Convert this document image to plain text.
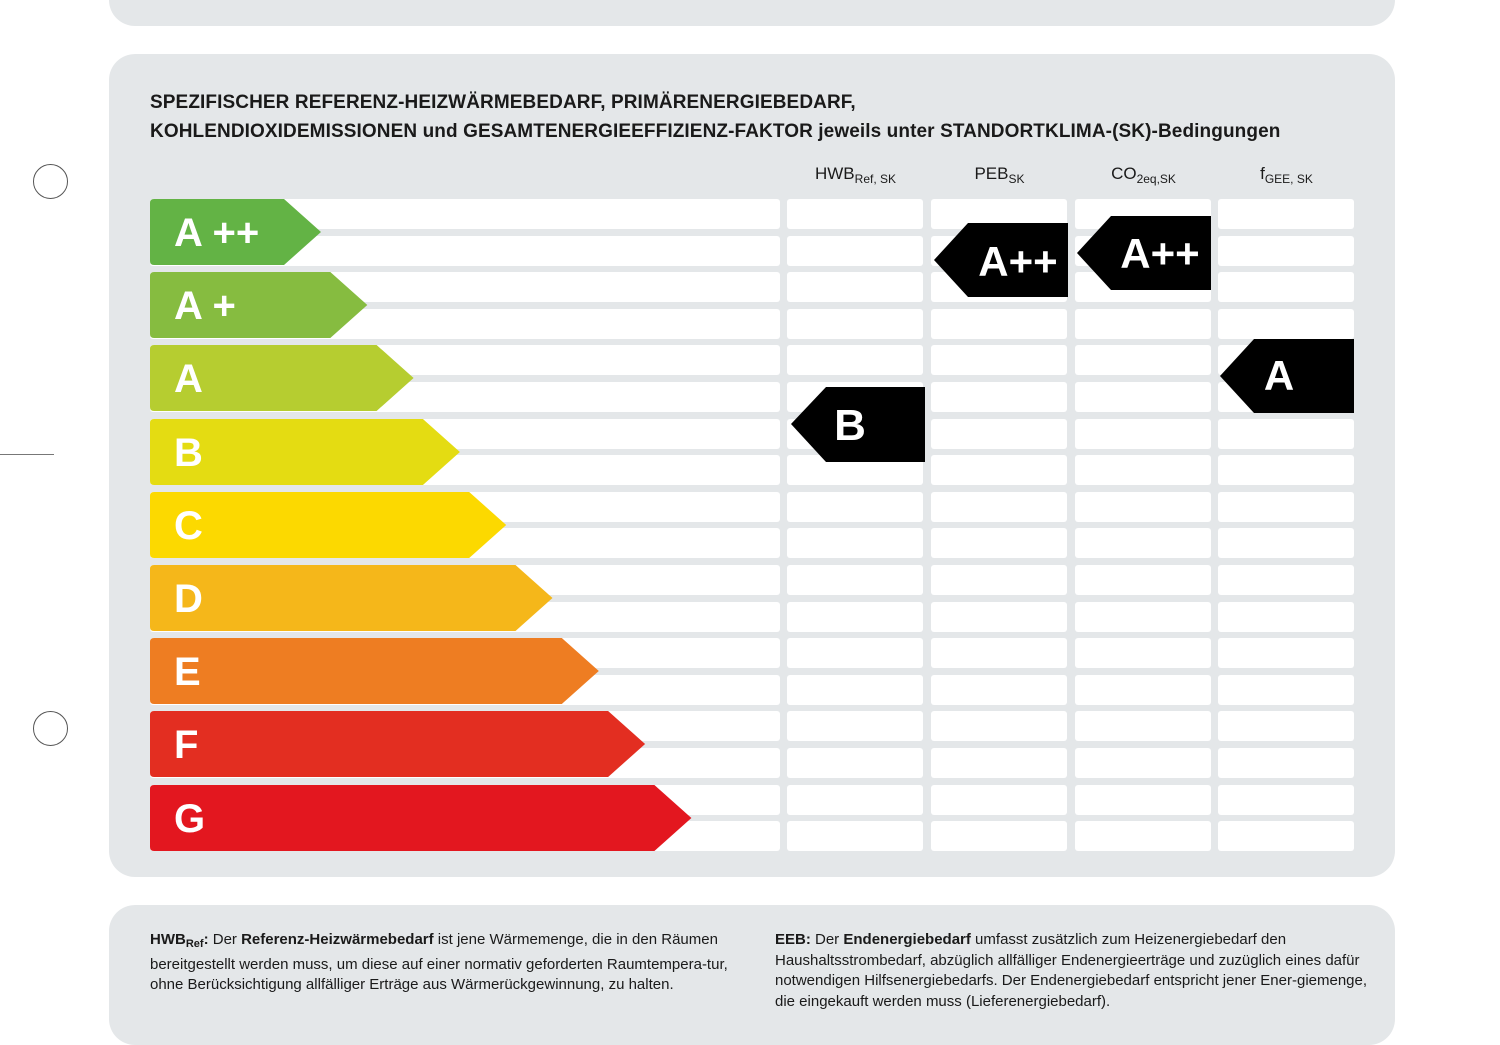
SPEZIFISCHER REFERENZ-HEIZWÄRMEBEDARF, PRIMÄRENERGIEBEDARF,
KOHLENDIOXIDEMISSIONEN und GESAMTENERGIEEFFIZIENZ-FAKTOR jeweils unter STANDORTKLIMA-(SK)-Bedingungen
$HWB_{Ref, SK}$	$PEB_{SK}$	$CO_{2eq,SK}$	$f_{GEE, SK}$
A ++
A +
A
B
C
D
E
F
G
B
A++ A++
A
$HWB_{Ref}$: Der Referenz-Heizwärmebedarf ist jene Wärmemenge, die in den Räumen bereitgestellt werden muss, um diese auf einer normativ geforderten Raumtempera-tur, ohne Berücksichtigung allfälliger Erträge aus Wärmerückgewinnung, zu halten.
EEB: Der Endenergiebedarf umfasst zusätzlich zum Heizenergiebedarf den Haushaltsstrombedarf, abzüglich allfälliger Endenergieerträge und zuzüglich eines dafür notwendigen Hilfsenergiebedarfs. Der Endenergiebedarf entspricht jener Ener-giemenge, die eingekauft werden muss (Lieferenergiebedarf).
